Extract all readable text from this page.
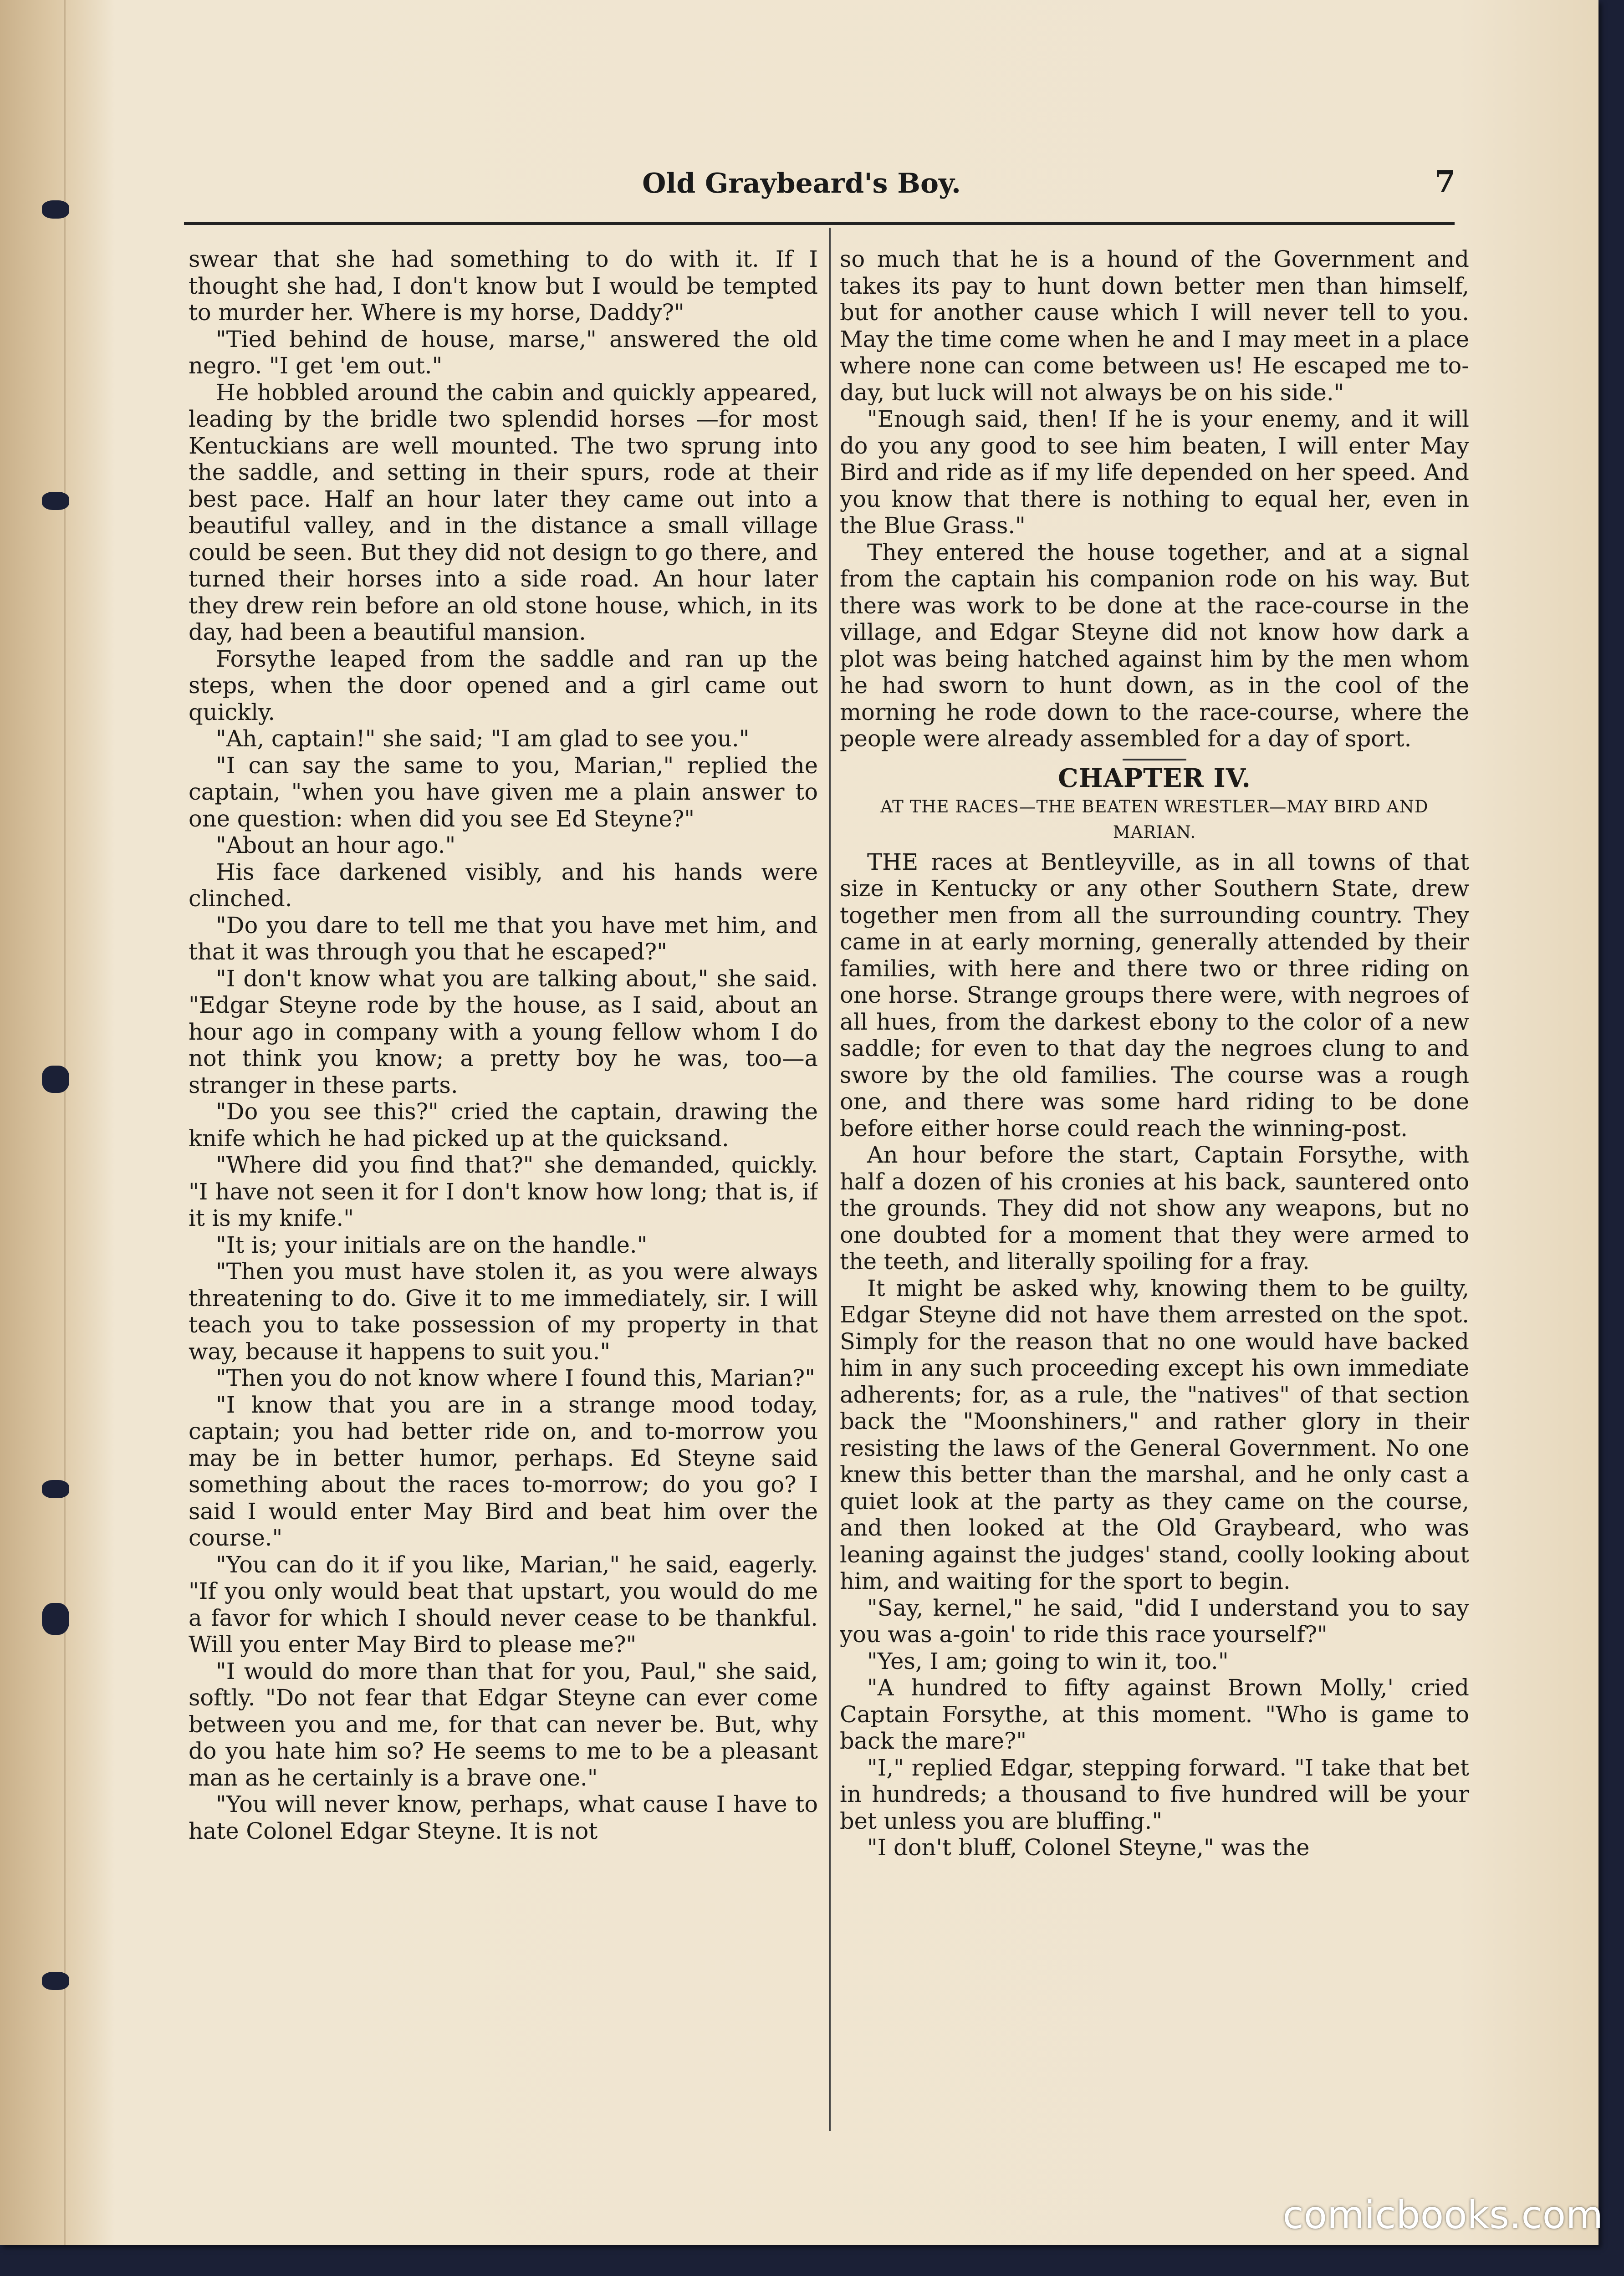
Old Graybeard's Boy.	7

swear that she had something to do with it. If I thought she had, I don't know but I would be tempted to murder her. Where is my horse, Daddy?"

"Tied behind de house, marse," answered the old negro. "I get 'em out."

He hobbled around the cabin and quickly appeared, leading by the bridle two splendid horses —for most Kentuckians are well mounted. The two sprung into the saddle, and setting in their spurs, rode at their best pace. Half an hour later they came out into a beautiful valley, and in the distance a small village could be seen. But they did not design to go there, and turned their horses into a side road. An hour later they drew rein before an old stone house, which, in its day, had been a beautiful mansion.

Forsythe leaped from the saddle and ran up the steps, when the door opened and a girl came out quickly.

"Ah, captain!" she said; "I am glad to see you."

"I can say the same to you, Marian," replied the captain, "when you have given me a plain answer to one question: when did you see Ed Steyne?"

"About an hour ago."

His face darkened visibly, and his hands were clinched.

"Do you dare to tell me that you have met him, and that it was through you that he escaped?"

"I don't know what you are talking about," she said. "Edgar Steyne rode by the house, as I said, about an hour ago in company with a young fellow whom I do not think you know; a pretty boy he was, too—a stranger in these parts.

"Do you see this?" cried the captain, drawing the knife which he had picked up at the quicksand.

"Where did you find that?" she demanded, quickly. "I have not seen it for I don't know how long; that is, if it is my knife."

"It is; your initials are on the handle."

"Then you must have stolen it, as you were always threatening to do. Give it to me immediately, sir. I will teach you to take possession of my property in that way, because it happens to suit you."

"Then you do not know where I found this, Marian?"

"I know that you are in a strange mood today, captain; you had better ride on, and to-morrow you may be in better humor, perhaps. Ed Steyne said something about the races to-morrow; do you go? I said I would enter May Bird and beat him over the course."

"You can do it if you like, Marian," he said, eagerly. "If you only would beat that upstart, you would do me a favor for which I should never cease to be thankful. Will you enter May Bird to please me?"

"I would do more than that for you, Paul," she said, softly. "Do not fear that Edgar Steyne can ever come between you and me, for that can never be. But, why do you hate him so? He seems to me to be a pleasant man as he certainly is a brave one."

"You will never know, perhaps, what cause I have to hate Colonel Edgar Steyne. It is not

so much that he is a hound of the Government and takes its pay to hunt down better men than himself, but for another cause which I will never tell to you. May the time come when he and I may meet in a place where none can come between us! He escaped me to-day, but luck will not always be on his side."

"Enough said, then! If he is your enemy, and it will do you any good to see him beaten, I will enter May Bird and ride as if my life depended on her speed. And you know that there is nothing to equal her, even in the Blue Grass."

They entered the house together, and at a signal from the captain his companion rode on his way. But there was work to be done at the race-course in the village, and Edgar Steyne did not know how dark a plot was being hatched against him by the men whom he had sworn to hunt down, as in the cool of the morning he rode down to the race-course, where the people were already assembled for a day of sport.

CHAPTER IV.
AT THE RACES—THE BEATEN WRESTLER—MAY BIRD AND MARIAN.

THE races at Bentleyville, as in all towns of that size in Kentucky or any other Southern State, drew together men from all the surrounding country. They came in at early morning, generally attended by their families, with here and there two or three riding on one horse. Strange groups there were, with negroes of all hues, from the darkest ebony to the color of a new saddle; for even to that day the negroes clung to and swore by the old families. The course was a rough one, and there was some hard riding to be done before either horse could reach the winning-post.

An hour before the start, Captain Forsythe, with half a dozen of his cronies at his back, sauntered onto the grounds. They did not show any weapons, but no one doubted for a moment that they were armed to the teeth, and literally spoiling for a fray.

It might be asked why, knowing them to be guilty, Edgar Steyne did not have them arrested on the spot. Simply for the reason that no one would have backed him in any such proceeding except his own immediate adherents; for, as a rule, the "natives" of that section back the "Moonshiners," and rather glory in their resisting the laws of the General Government. No one knew this better than the marshal, and he only cast a quiet look at the party as they came on the course, and then looked at the Old Graybeard, who was leaning against the judges' stand, coolly looking about him, and waiting for the sport to begin.

"Say, kernel," he said, "did I understand you to say you was a-goin' to ride this race yourself?"

"Yes, I am; going to win it, too."

"A hundred to fifty against Brown Molly,' cried Captain Forsythe, at this moment. "Who is game to back the mare?"

"I," replied Edgar, stepping forward. "I take that bet in hundreds; a thousand to five hundred will be your bet unless you are bluffing."

"I don't bluff, Colonel Steyne," was the

comicbooks.com
